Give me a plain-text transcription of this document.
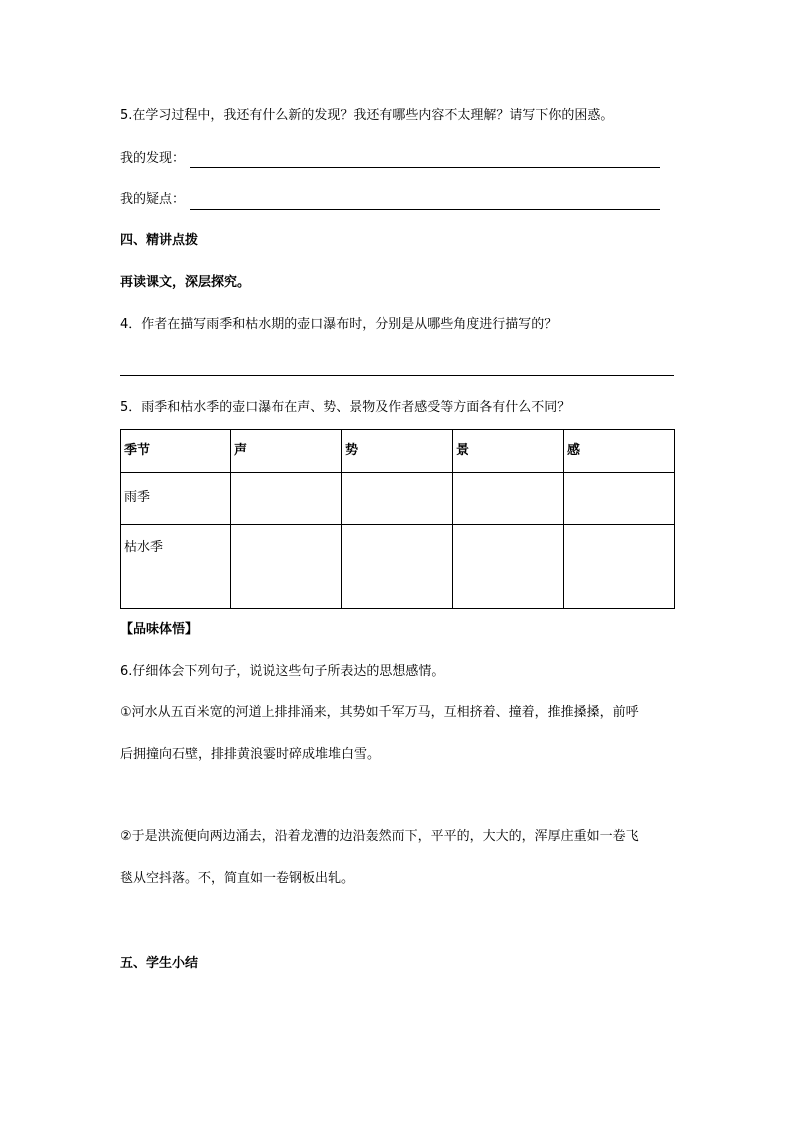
5.在学习过程中，我还有什么新的发现？我还有哪些内容不太理解？请写下你的困惑。
我的发现：
我的疑点：
四、精讲点拨
再读课文，深层探究。
4．作者在描写雨季和枯水期的壶口瀑布时，分别是从哪些角度进行描写的？
5．雨季和枯水季的壶口瀑布在声、势、景物及作者感受等方面各有什么不同？
季节	声	势	景	感
雨季				
枯水季				
【品味体悟】
6.仔细体会下列句子，说说这些句子所表达的思想感情。
①河水从五百米宽的河道上排排涌来，其势如千军万马，互相挤着、撞着，推推搡搡，前呼
后拥撞向石壁，排排黄浪霎时碎成堆堆白雪。
②于是洪流便向两边涌去，沿着龙漕的边沿轰然而下，平平的，大大的，浑厚庄重如一卷飞
毯从空抖落。不，简直如一卷钢板出轧。
五、学生小结
